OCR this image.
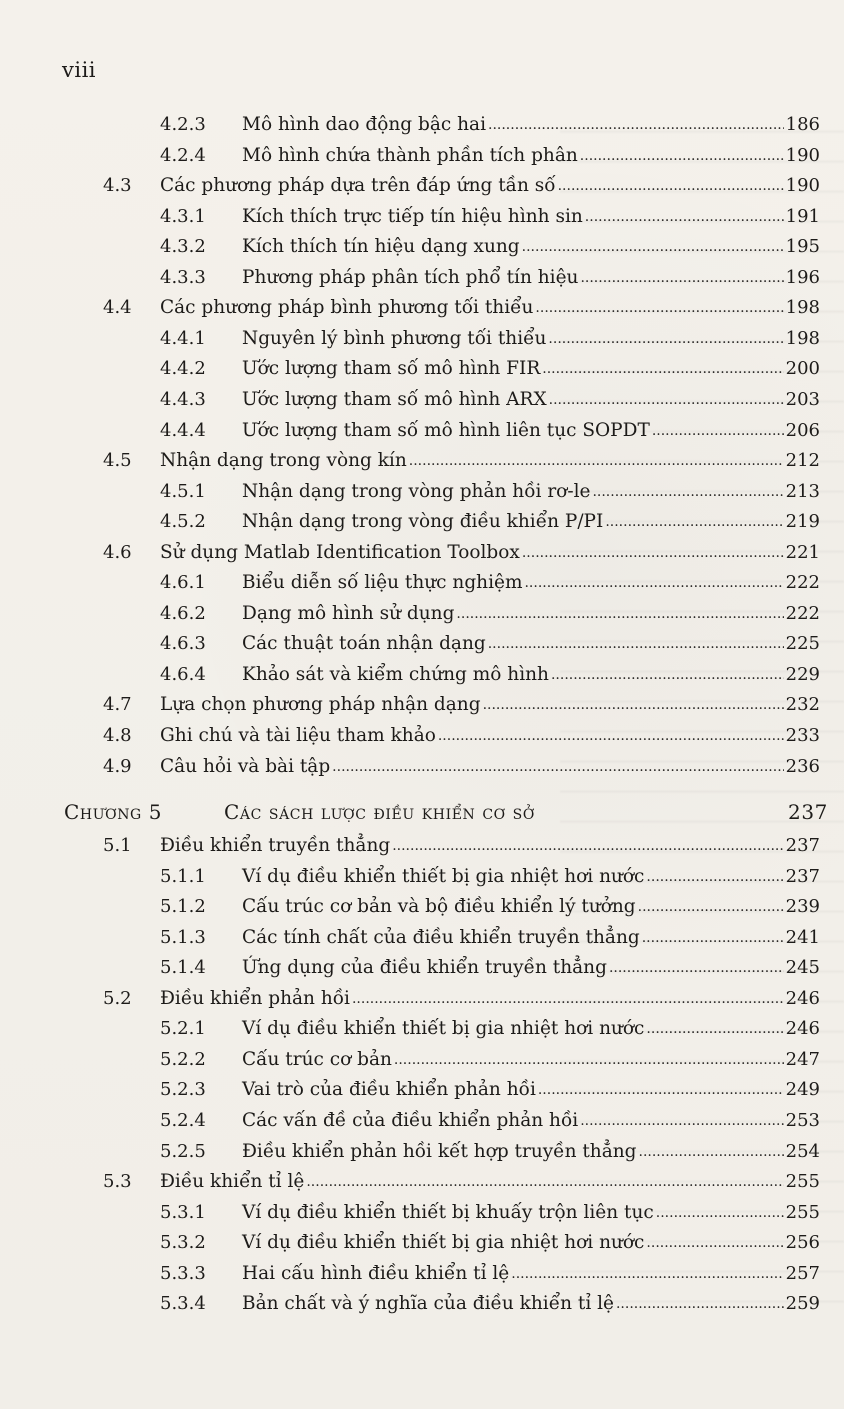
viii
4.2.3 Mô hình dao động bậc hai .....	186
4.2.4 Mô hình chứa thành phần tích phân .....	190
4.3 Các phương pháp dựa trên đáp ứng tần số .....	190
4.3.1 Kích thích trực tiếp tín hiệu hình sin .....	191
4.3.2 Kích thích tín hiệu dạng xung .....	195
4.3.3 Phương pháp phân tích phổ tín hiệu .....	196
4.4 Các phương pháp bình phương tối thiểu .....	198
4.4.1 Nguyên lý bình phương tối thiểu .....	198
4.4.2 Ước lượng tham số mô hình FIR .....	200
4.4.3 Ước lượng tham số mô hình ARX .....	203
4.4.4 Ước lượng tham số mô hình liên tục SOPDT .....	206
4.5 Nhận dạng trong vòng kín .....	212
4.5.1 Nhận dạng trong vòng phản hồi rơ-le .....	213
4.5.2 Nhận dạng trong vòng điều khiển P/PI .....	219
4.6 Sử dụng Matlab Identification Toolbox .....	221
4.6.1 Biểu diễn số liệu thực nghiệm .....	222
4.6.2 Dạng mô hình sử dụng .....	222
4.6.3 Các thuật toán nhận dạng .....	225
4.6.4 Khảo sát và kiểm chứng mô hình .....	229
4.7 Lựa chọn phương pháp nhận dạng .....	232
4.8 Ghi chú và tài liệu tham khảo .....	233
4.9 Câu hỏi và bài tập .....	236
Chương 5	Các sách lược điều khiển cơ sở	237
5.1 Điều khiển truyền thẳng .....	237
5.1.1 Ví dụ điều khiển thiết bị gia nhiệt hơi nước .....	237
5.1.2 Cấu trúc cơ bản và bộ điều khiển lý tưởng .....	239
5.1.3 Các tính chất của điều khiển truyền thẳng .....	241
5.1.4 Ứng dụng của điều khiển truyền thẳng .....	245
5.2 Điều khiển phản hồi .....	246
5.2.1 Ví dụ điều khiển thiết bị gia nhiệt hơi nước .....	246
5.2.2 Cấu trúc cơ bản .....	247
5.2.3 Vai trò của điều khiển phản hồi .....	249
5.2.4 Các vấn đề của điều khiển phản hồi .....	253
5.2.5 Điều khiển phản hồi kết hợp truyền thẳng .....	254
5.3 Điều khiển tỉ lệ .....	255
5.3.1 Ví dụ điều khiển thiết bị khuấy trộn liên tục .....	255
5.3.2 Ví dụ điều khiển thiết bị gia nhiệt hơi nước .....	256
5.3.3 Hai cấu hình điều khiển tỉ lệ .....	257
5.3.4 Bản chất và ý nghĩa của điều khiển tỉ lệ .....	259
